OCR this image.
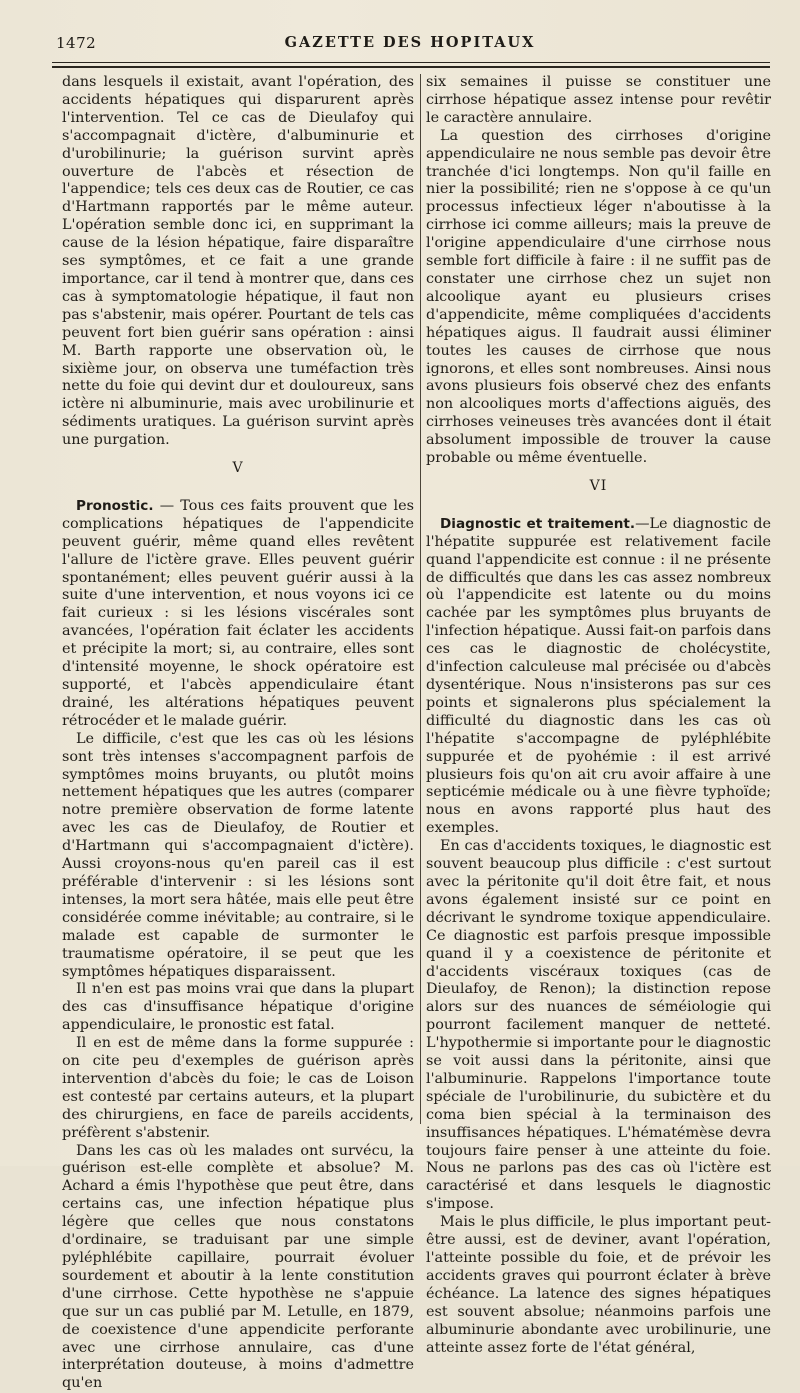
1472	GAZETTE DES HOPITAUX

dans lesquels il existait, avant l'opération, des accidents hépatiques qui disparurent après l'intervention. Tel ce cas de Dieulafoy qui s'accompagnait d'ictère, d'albuminurie et d'urobilinurie; la guérison survint après ouverture de l'abcès et résection de l'appendice; tels ces deux cas de Routier, ce cas d'Hartmann rapportés par le même auteur. L'opération semble donc ici, en supprimant la cause de la lésion hépatique, faire disparaître ses symptômes, et ce fait a une grande importance, car il tend à montrer que, dans ces cas à symptomatologie hépatique, il faut non pas s'abstenir, mais opérer. Pourtant de tels cas peuvent fort bien guérir sans opération : ainsi M. Barth rapporte une observation où, le sixième jour, on observa une tuméfaction très nette du foie qui devint dur et douloureux, sans ictère ni albuminurie, mais avec urobilinurie et sédiments uratiques. La guérison survint après une purgation.

V

Pronostic. — Tous ces faits prouvent que les complications hépatiques de l'appendicite peuvent guérir, même quand elles revêtent l'allure de l'ictère grave. Elles peuvent guérir spontanément; elles peuvent guérir aussi à la suite d'une intervention, et nous voyons ici ce fait curieux : si les lésions viscérales sont avancées, l'opération fait éclater les accidents et précipite la mort; si, au contraire, elles sont d'intensité moyenne, le shock opératoire est supporté, et l'abcès appendiculaire étant drainé, les altérations hépatiques peuvent rétrocéder et le malade guérir.

Le difficile, c'est que les cas où les lésions sont très intenses s'accompagnent parfois de symptômes moins bruyants, ou plutôt moins nettement hépatiques que les autres (comparer notre première observation de forme latente avec les cas de Dieulafoy, de Routier et d'Hartmann qui s'accompagnaient d'ictère). Aussi croyons-nous qu'en pareil cas il est préférable d'intervenir : si les lésions sont intenses, la mort sera hâtée, mais elle peut être considérée comme inévitable; au contraire, si le malade est capable de surmonter le traumatisme opératoire, il se peut que les symptômes hépatiques disparaissent.

Il n'en est pas moins vrai que dans la plupart des cas d'insuffisance hépatique d'origine appendiculaire, le pronostic est fatal.

Il en est de même dans la forme suppurée : on cite peu d'exemples de guérison après intervention d'abcès du foie; le cas de Loison est contesté par certains auteurs, et la plupart des chirurgiens, en face de pareils accidents, préfèrent s'abstenir.

Dans les cas où les malades ont survécu, la guérison est-elle complète et absolue? M. Achard a émis l'hypothèse que peut être, dans certains cas, une infection hépatique plus légère que celles que nous constatons d'ordinaire, se traduisant par une simple pyléphlébite capillaire, pourrait évoluer sourdement et aboutir à la lente constitution d'une cirrhose. Cette hypothèse ne s'appuie que sur un cas publié par M. Letulle, en 1879, de coexistence d'une appendicite perforante avec une cirrhose annulaire, cas d'une interprétation douteuse, à moins d'admettre qu'en

six semaines il puisse se constituer une cirrhose hépatique assez intense pour revêtir le caractère annulaire.

La question des cirrhoses d'origine appendiculaire ne nous semble pas devoir être tranchée d'ici longtemps. Non qu'il faille en nier la possibilité; rien ne s'oppose à ce qu'un processus infectieux léger n'aboutisse à la cirrhose ici comme ailleurs; mais la preuve de l'origine appendiculaire d'une cirrhose nous semble fort difficile à faire : il ne suffit pas de constater une cirrhose chez un sujet non alcoolique ayant eu plusieurs crises d'appendicite, même compliquées d'accidents hépatiques aigus. Il faudrait aussi éliminer toutes les causes de cirrhose que nous ignorons, et elles sont nombreuses. Ainsi nous avons plusieurs fois observé chez des enfants non alcooliques morts d'affections aiguës, des cirrhoses veineuses très avancées dont il était absolument impossible de trouver la cause probable ou même éventuelle.

VI

Diagnostic et traitement.—Le diagnostic de l'hépatite suppurée est relativement facile quand l'appendicite est connue : il ne présente de difficultés que dans les cas assez nombreux où l'appendicite est latente ou du moins cachée par les symptômes plus bruyants de l'infection hépatique. Aussi fait-on parfois dans ces cas le diagnostic de cholécystite, d'infection calculeuse mal précisée ou d'abcès dysentérique. Nous n'insisterons pas sur ces points et signalerons plus spécialement la difficulté du diagnostic dans les cas où l'hépatite s'accompagne de pyléphlébite suppurée et de pyohémie : il est arrivé plusieurs fois qu'on ait cru avoir affaire à une septicémie médicale ou à une fièvre typhoïde; nous en avons rapporté plus haut des exemples.

En cas d'accidents toxiques, le diagnostic est souvent beaucoup plus difficile : c'est surtout avec la péritonite qu'il doit être fait, et nous avons également insisté sur ce point en décrivant le syndrome toxique appendiculaire. Ce diagnostic est parfois presque impossible quand il y a coexistence de péritonite et d'accidents viscéraux toxiques (cas de Dieulafoy, de Renon); la distinction repose alors sur des nuances de séméiologie qui pourront facilement manquer de netteté. L'hypothermie si importante pour le diagnostic se voit aussi dans la péritonite, ainsi que l'albuminurie. Rappelons l'importance toute spéciale de l'urobilinurie, du subictère et du coma bien spécial à la terminaison des insuffisances hépatiques. L'hématémèse devra toujours faire penser à une atteinte du foie. Nous ne parlons pas des cas où l'ictère est caractérisé et dans lesquels le diagnostic s'impose.

Mais le plus difficile, le plus important peut-être aussi, est de deviner, avant l'opération, l'atteinte possible du foie, et de prévoir les accidents graves qui pourront éclater à brève échéance. La latence des signes hépatiques est souvent absolue; néanmoins parfois une albuminurie abondante avec urobilinurie, une atteinte assez forte de l'état général,
